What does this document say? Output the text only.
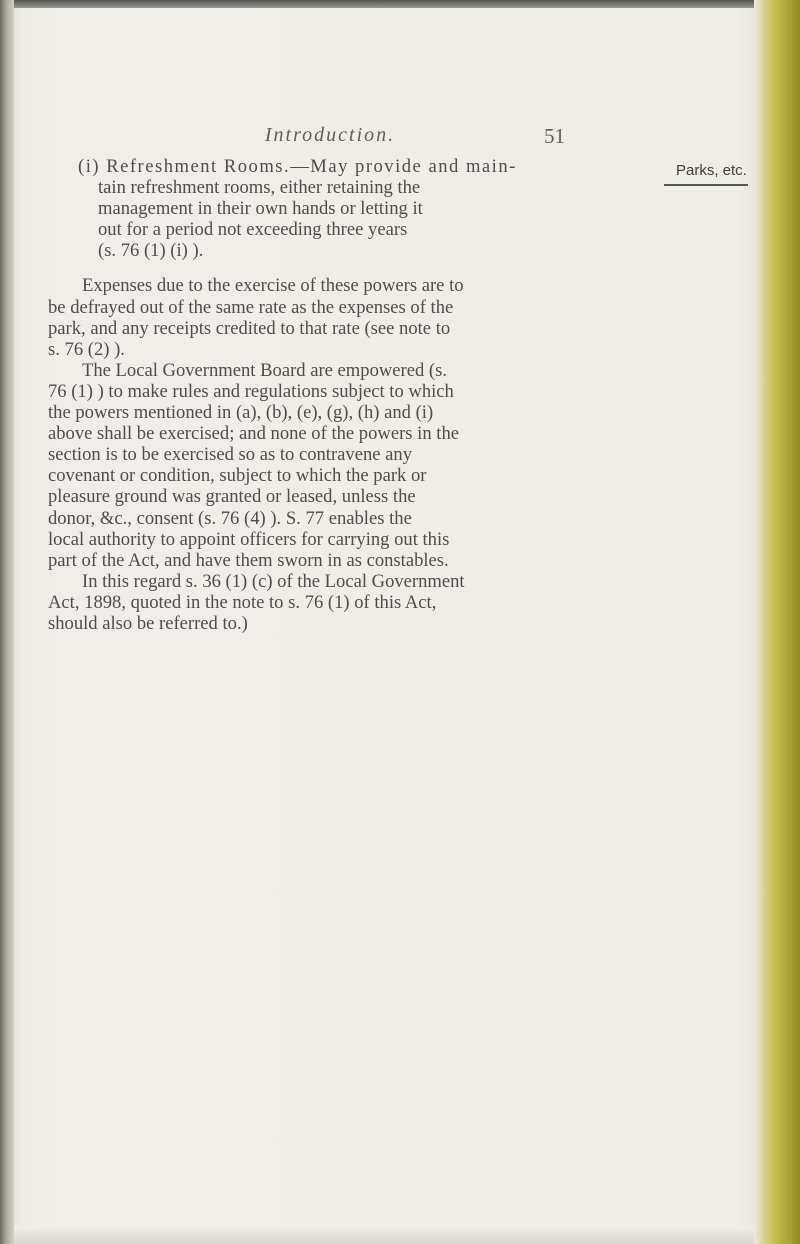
Introduction.	51
Parks, etc.
(i) Refreshment Rooms.—May provide and main-
tain refreshment rooms, either retaining the
management in their own hands or letting it
out for a period not exceeding three years
(s. 76 (1) (i) ).
Expenses due to the exercise of these powers are to
be defrayed out of the same rate as the expenses of the
park, and any receipts credited to that rate (see note to
s. 76 (2) ).
The Local Government Board are empowered (s.
76 (1) ) to make rules and regulations subject to which
the powers mentioned in (a), (b), (e), (g), (h) and (i)
above shall be exercised; and none of the powers in the
section is to be exercised so as to contravene any
covenant or condition, subject to which the park or
pleasure ground was granted or leased, unless the
donor, &c., consent (s. 76 (4) ). S. 77 enables the
local authority to appoint officers for carrying out this
part of the Act, and have them sworn in as constables.
In this regard s. 36 (1) (c) of the Local Government
Act, 1898, quoted in the note to s. 76 (1) of this Act,
should also be referred to.)
